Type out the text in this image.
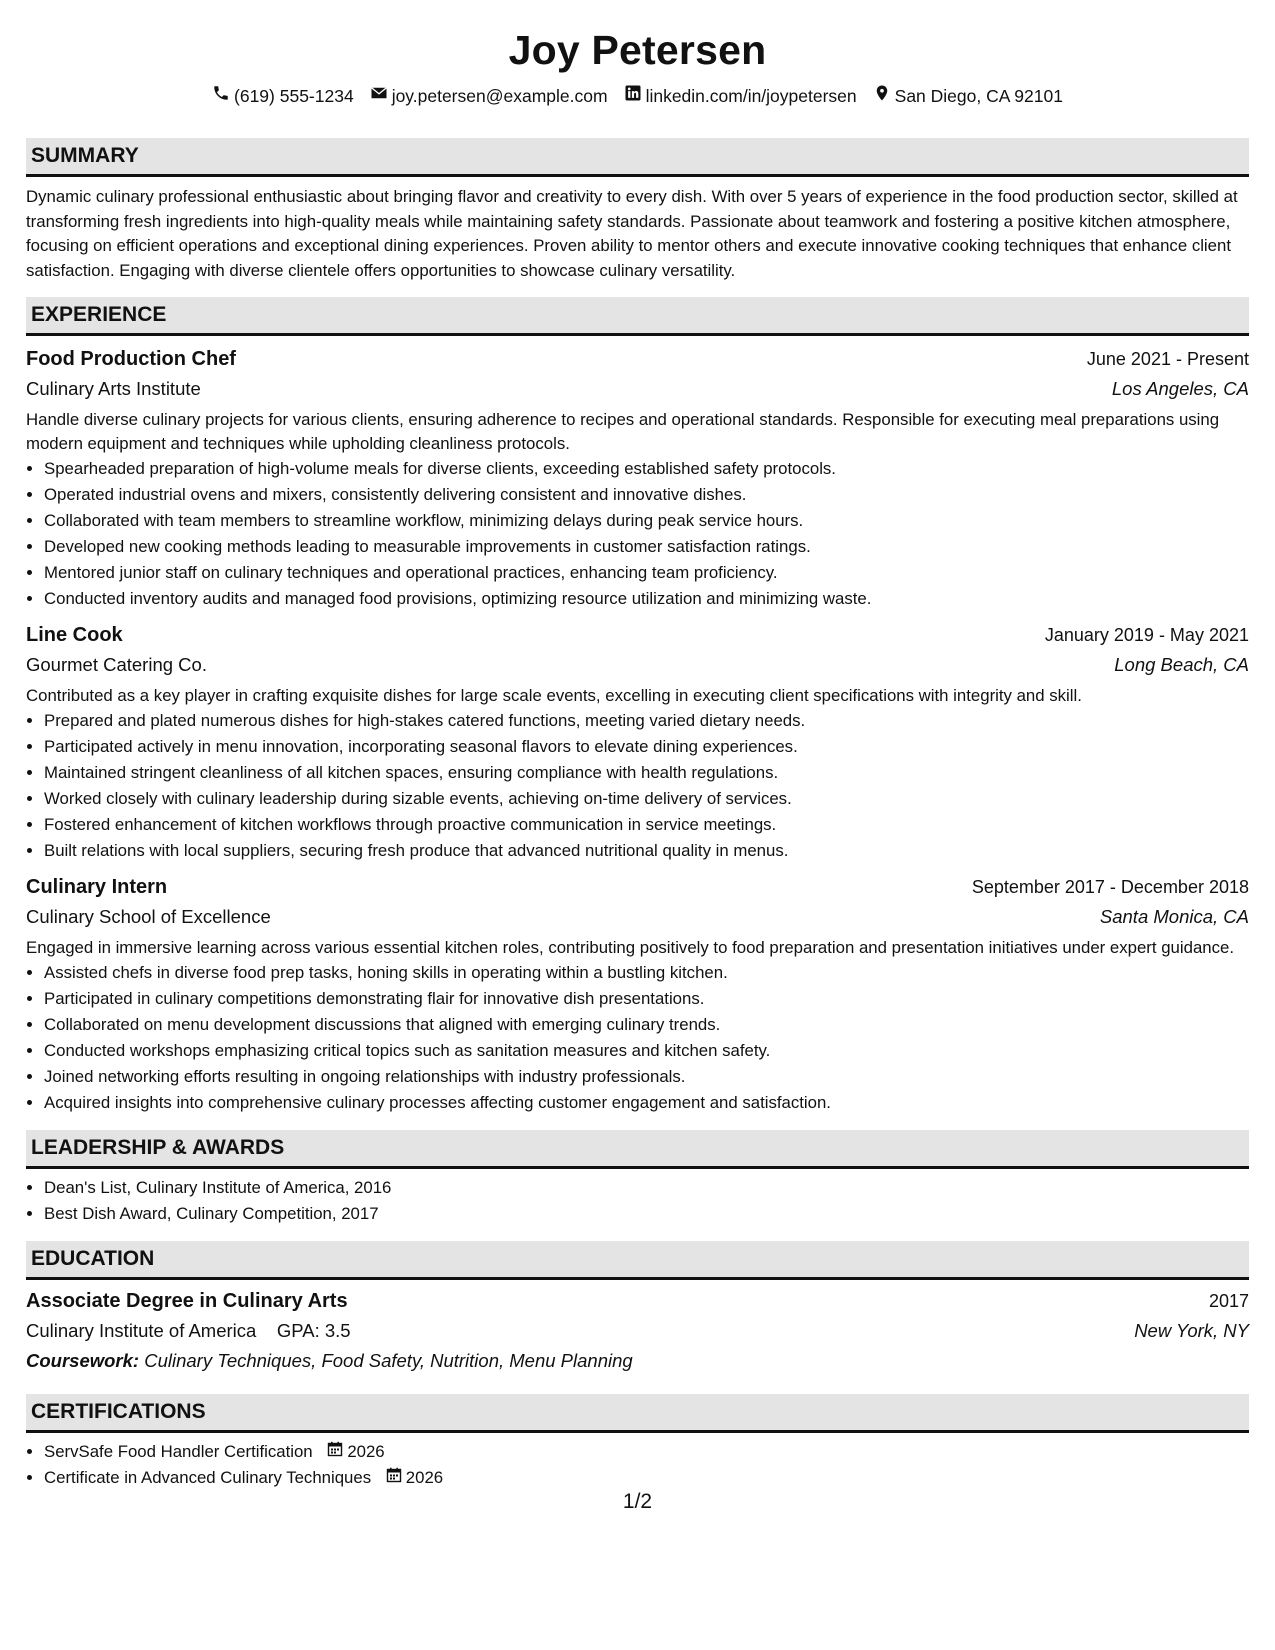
Joy Petersen
(619) 555-1234 joy.petersen@example.com linkedin.com/in/joypetersen San Diego, CA 92101
SUMMARY
Dynamic culinary professional enthusiastic about bringing flavor and creativity to every dish. With over 5 years of experience in the food production sector, skilled at transforming fresh ingredients into high-quality meals while maintaining safety standards. Passionate about teamwork and fostering a positive kitchen atmosphere, focusing on efficient operations and exceptional dining experiences. Proven ability to mentor others and execute innovative cooking techniques that enhance client satisfaction. Engaging with diverse clientele offers opportunities to showcase culinary versatility.
EXPERIENCE
Food Production Chef	June 2021 - Present
Culinary Arts Institute	Los Angeles, CA
Handle diverse culinary projects for various clients, ensuring adherence to recipes and operational standards. Responsible for executing meal preparations using modern equipment and techniques while upholding cleanliness protocols.
• Spearheaded preparation of high-volume meals for diverse clients, exceeding established safety protocols.
• Operated industrial ovens and mixers, consistently delivering consistent and innovative dishes.
• Collaborated with team members to streamline workflow, minimizing delays during peak service hours.
• Developed new cooking methods leading to measurable improvements in customer satisfaction ratings.
• Mentored junior staff on culinary techniques and operational practices, enhancing team proficiency.
• Conducted inventory audits and managed food provisions, optimizing resource utilization and minimizing waste.
Line Cook	January 2019 - May 2021
Gourmet Catering Co.	Long Beach, CA
Contributed as a key player in crafting exquisite dishes for large scale events, excelling in executing client specifications with integrity and skill.
• Prepared and plated numerous dishes for high-stakes catered functions, meeting varied dietary needs.
• Participated actively in menu innovation, incorporating seasonal flavors to elevate dining experiences.
• Maintained stringent cleanliness of all kitchen spaces, ensuring compliance with health regulations.
• Worked closely with culinary leadership during sizable events, achieving on-time delivery of services.
• Fostered enhancement of kitchen workflows through proactive communication in service meetings.
• Built relations with local suppliers, securing fresh produce that advanced nutritional quality in menus.
Culinary Intern	September 2017 - December 2018
Culinary School of Excellence	Santa Monica, CA
Engaged in immersive learning across various essential kitchen roles, contributing positively to food preparation and presentation initiatives under expert guidance.
• Assisted chefs in diverse food prep tasks, honing skills in operating within a bustling kitchen.
• Participated in culinary competitions demonstrating flair for innovative dish presentations.
• Collaborated on menu development discussions that aligned with emerging culinary trends.
• Conducted workshops emphasizing critical topics such as sanitation measures and kitchen safety.
• Joined networking efforts resulting in ongoing relationships with industry professionals.
• Acquired insights into comprehensive culinary processes affecting customer engagement and satisfaction.
LEADERSHIP & AWARDS
• Dean's List, Culinary Institute of America, 2016
• Best Dish Award, Culinary Competition, 2017
EDUCATION
Associate Degree in Culinary Arts	2017
Culinary Institute of America GPA: 3.5	New York, NY
Coursework: Culinary Techniques, Food Safety, Nutrition, Menu Planning
CERTIFICATIONS
• ServSafe Food Handler Certification 2026
• Certificate in Advanced Culinary Techniques 2026
1/2
